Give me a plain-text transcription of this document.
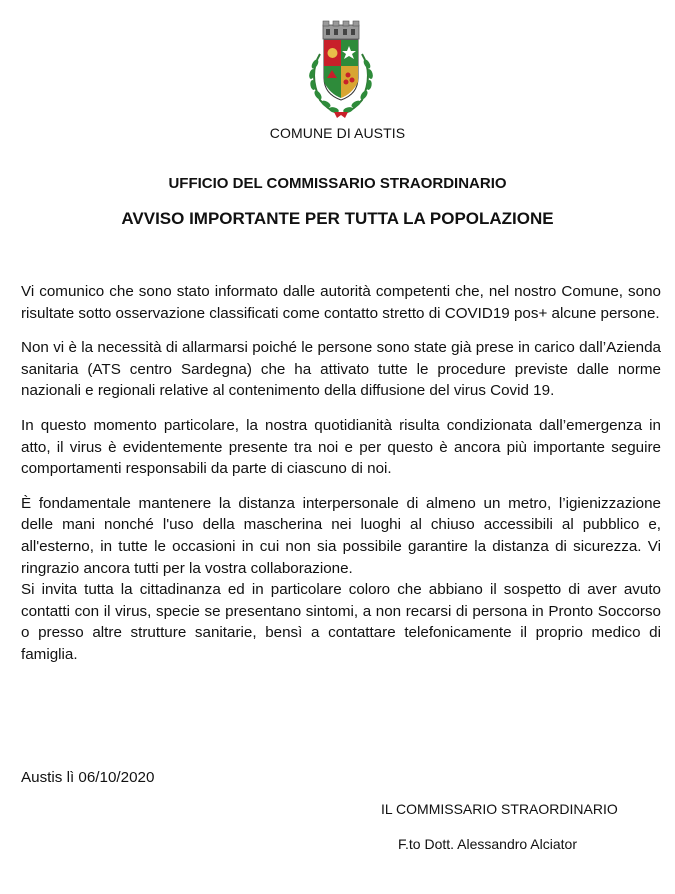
COMUNE DI AUSTIS
UFFICIO DEL COMMISSARIO STRAORDINARIO
AVVISO IMPORTANTE PER TUTTA LA POPOLAZIONE

Vi comunico che sono stato informato dalle autorità competenti che, nel nostro Comune, sono risultate sotto osservazione classificati come contatto stretto di COVID19 pos+ alcune persone.

Non vi è la necessità di allarmarsi poiché le persone sono state già prese in carico dall’Azienda sanitaria (ATS centro Sardegna) che ha attivato tutte le procedure previste dalle norme nazionali e regionali relative al contenimento della diffusione del virus Covid 19.

In questo momento particolare, la nostra quotidianità risulta condizionata dall’emergenza in atto, il virus è evidentemente presente tra noi e per questo è ancora più importante seguire comportamenti responsabili da parte di ciascuno di noi.

È fondamentale mantenere la distanza interpersonale di almeno un metro, l’igienizzazione delle mani nonché l'uso della mascherina nei luoghi al chiuso accessibili al pubblico e, all'esterno, in tutte le occasioni in cui non sia possibile garantire la distanza di sicurezza. Vi ringrazio ancora tutti per la vostra collaborazione.

Si invita tutta la cittadinanza ed in particolare coloro che abbiano il sospetto di aver avuto contatti con il virus, specie se presentano sintomi, a non recarsi di persona in Pronto Soccorso o presso altre strutture sanitarie, bensì a contattare telefonicamente il proprio medico di famiglia.

Austis lì 06/10/2020
IL COMMISSARIO STRAORDINARIO
F.to Dott. Alessandro Alciator
